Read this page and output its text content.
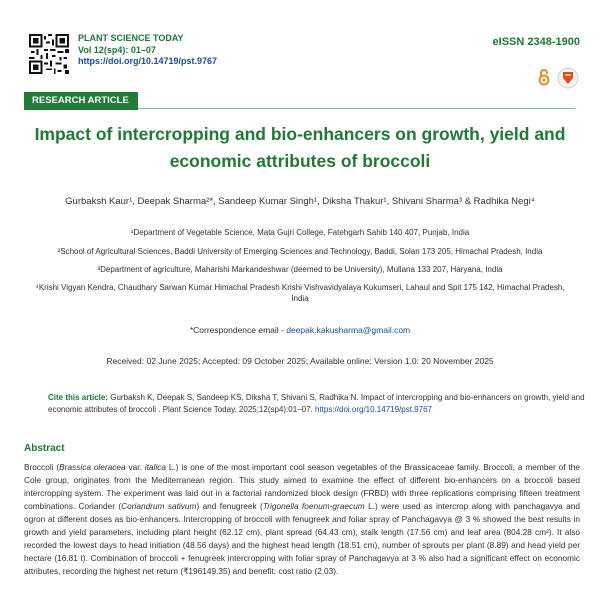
PLANT SCIENCE TODAY
Vol 12(sp4): 01–07
https://doi.org/10.14719/pst.9767
eISSN 2348-1900
RESEARCH ARTICLE
Impact of intercropping and bio-enhancers on growth, yield and economic attributes of broccoli
Gurbaksh Kaur¹, Deepak Sharma²*, Sandeep Kumar Singh¹, Diksha Thakur¹, Shivani Sharma³ & Radhika Negi⁴
¹Department of Vegetable Science, Mata Gujri College, Fatehgarh Sahib 140 407, Punjab, India
²School of Agricultural Sciences, Baddi University of Emerging Sciences and Technology, Baddi, Solan 173 205, Himachal Pradesh, India
³Department of agriculture, Maharishi Markandeshwar (deemed to be University), Mullana 133 207, Haryana, India
⁴Krishi Vigyan Kendra, Chaudhary Sarwan Kumar Himachal Pradesh Krishi Vishvavidyalaya Kukumseri, Lahaul and Spit 175 142, Himachal Pradesh, India
*Correspondence email - deepak.kakusharma@gmail.com
Received: 02 June 2025; Accepted: 09 October 2025; Available online: Version 1.0: 20 November 2025
Cite this article: Gurbaksh K, Deepak S, Sandeep KS, Diksha T, Shivani S, Radhika N. Impact of intercropping and bio-enhancers on growth, yield and economic attributes of broccoli . Plant Science Today. 2025;12(sp4):01–07. https://doi.org/10.14719/pst.9767
Abstract
Broccoli (Brassica oleracea var. italica L.) is one of the most important cool season vegetables of the Brassicaceae family. Broccoli, a member of the Cole group, originates from the Mediterranean region. This study aimed to examine the effect of different bio-enhancers on a broccoli based intercropping system. The experiment was laid out in a factorial randomized block design (FRBD) with three replications comprising fifteen treatment combinations. Coriander (Coriandrum sativum) and fenugreek (Trigonella foenum-graecum L.) were used as intercrop along with panchagavya and ogron at different doses as bio-enhancers. Intercropping of broccoli with fenugreek and foliar spray of Panchagavya @ 3 % showed the best results in growth and yield parameters, including plant height (62.12 cm), plant spread (64.43 cm), stalk length (17.56 cm) and leaf area (804.28 cm²). It also recorded the lowest days to head initiation (48.56 days) and the highest head length (18.51 cm), number of sprouts per plant (8.89) and head yield per hectare (16.81 t). Combination of broccoli + fenugreek intercropping with foliar spray of Panchagavya at 3 % also had a significant effect on economic attributes, recording the highest net return (₹196149.35) and benefit: cost ratio (2.03).
